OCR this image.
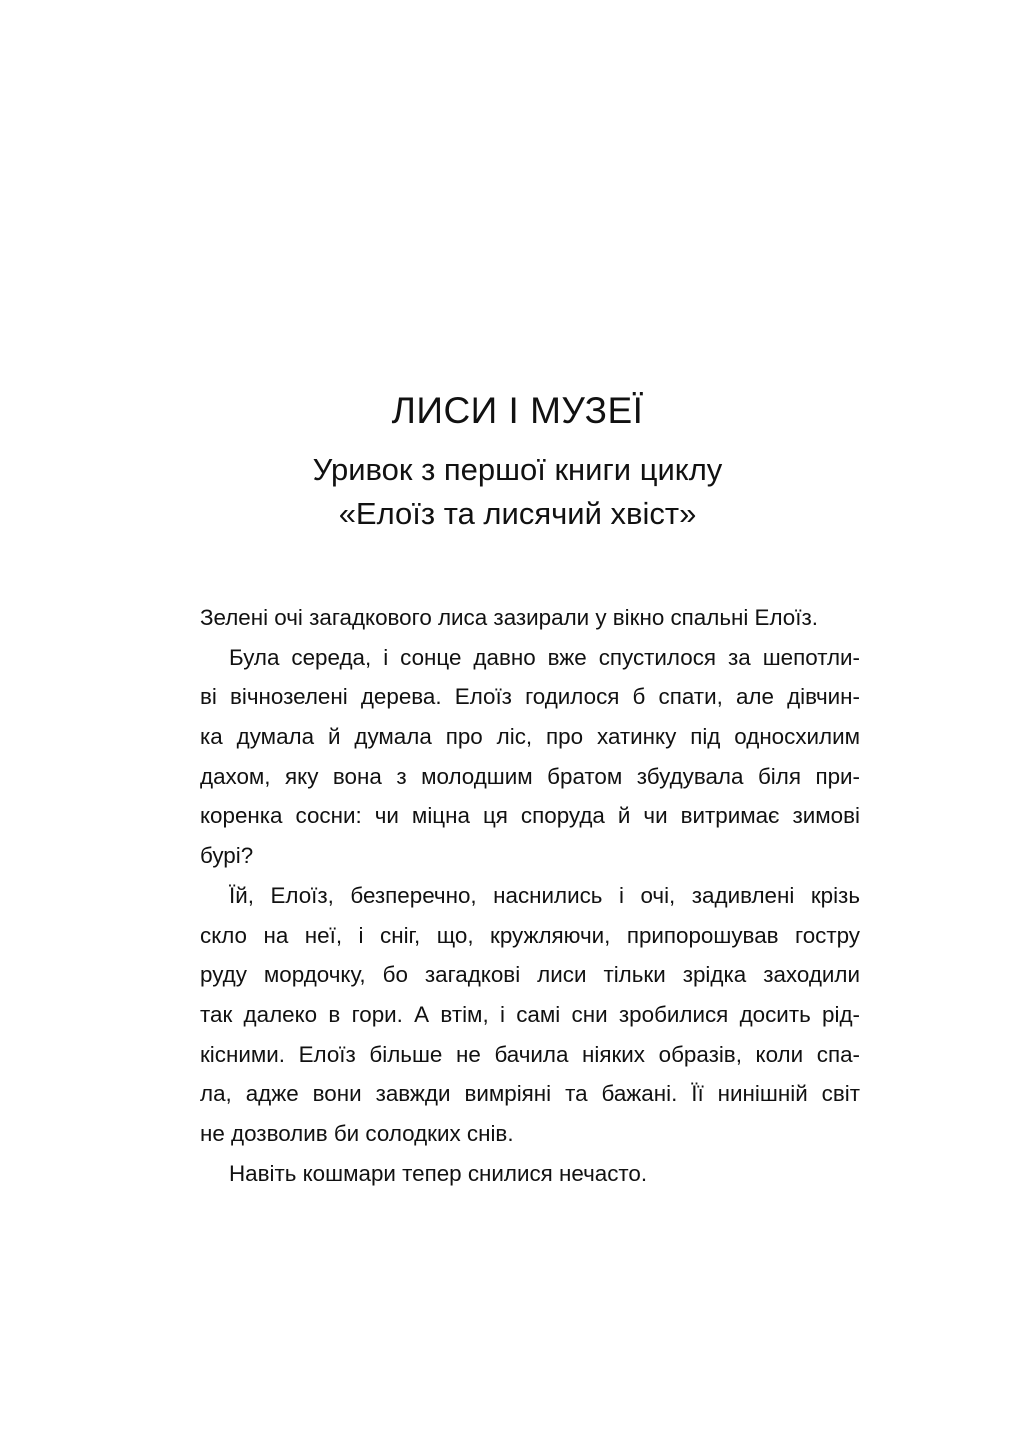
ЛИСИ І МУЗЕЇ
Уривок з першої книги циклу
«Елоїз та лисячий хвіст»
Зелені очі загадкового лиса зазирали у вікно спальні Елоїз.
Була середа, і сонце давно вже спустилося за шепотли-
ві вічнозелені дерева. Елоїз годилося б спати, але дівчин-
ка думала й думала про ліс, про хатинку під односхилим
дахом, яку вона з молодшим братом збудувала біля при-
коренка сосни: чи міцна ця споруда й чи витримає зимові
бурі?
Їй, Елоїз, безперечно, наснились і очі, задивлені крізь
скло на неї, і сніг, що, кружляючи, припорошував гостру
руду мордочку, бо загадкові лиси тільки зрідка заходили
так далеко в гори. А втім, і самі сни зробилися досить рід-
кісними. Елоїз більше не бачила ніяких образів, коли спа-
ла, адже вони завжди вимріяні та бажані. Її нинішній світ
не дозволив би солодких снів.
Навіть кошмари тепер снилися нечасто.
